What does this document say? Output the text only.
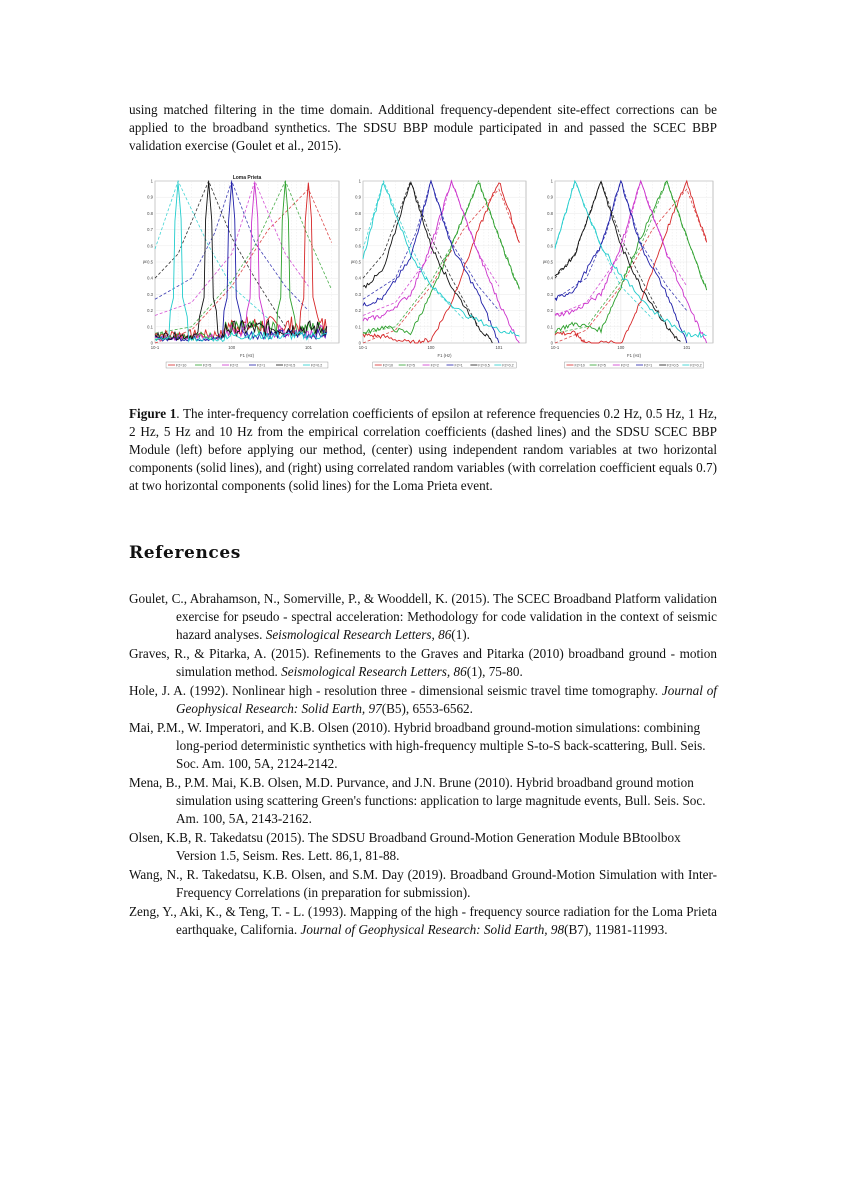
using matched filtering in the time domain. Additional frequency-dependent site-effect corrections can be applied to the broadband synthetics. The SDSU BBP module participated in and passed the SCEC BBP validation exercise (Goulet et al., 2015).
0
0.1
0.2
0.3
0.4
0.5
0.6
0.7
0.8
0.9
1
ρε
10-1	100	101
F1 (Hz)
Loma Prieta
F2=10	F2=5	F2=2	F2=1	F2=0.5	F2=0.2
0
0.1
0.2
0.3
0.4
0.5
0.6
0.7
0.8
0.9
1
ρε
10-1	100	101
F1 (Hz)
F2=10	F2=5	F2=2	F2=1	F2=0.5	F2=0.2
0
0.1
0.2
0.3
0.4
0.5
0.6
0.7
0.8
0.9
1
ρε
10-1	100	101
F1 (Hz)
F2=10	F2=5	F2=2	F2=1	F2=0.5	F2=0.2
Figure 1. The inter-frequency correlation coefficients of epsilon at reference frequencies 0.2 Hz, 0.5 Hz, 1 Hz, 2 Hz, 5 Hz and 10 Hz from the empirical correlation coefficients (dashed lines) and the SDSU SCEC BBP Module (left) before applying our method, (center) using independent random variables at two horizontal components (solid lines), and (right) using correlated random variables (with correlation coefficient equals 0.7) at two horizontal components (solid lines) for the Loma Prieta event.
References
Goulet, C., Abrahamson, N., Somerville, P., & Wooddell, K. (2015). The SCEC Broadband Platform validation exercise for pseudo - spectral acceleration: Methodology for code validation in the context of seismic hazard analyses. Seismological Research Letters, 86(1).
Graves, R., & Pitarka, A. (2015). Refinements to the Graves and Pitarka (2010) broadband ground - motion simulation method. Seismological Research Letters, 86(1), 75-80.
Hole, J. A. (1992). Nonlinear high - resolution three - dimensional seismic travel time tomography. Journal of Geophysical Research: Solid Earth, 97(B5), 6553-6562.
Mai, P.M., W. Imperatori, and K.B. Olsen (2010). Hybrid broadband ground-motion simulations: combining long-period deterministic synthetics with high-frequency multiple S-to-S back-scattering, Bull. Seis. Soc. Am. 100, 5A, 2124-2142.
Mena, B., P.M. Mai, K.B. Olsen, M.D. Purvance, and J.N. Brune (2010). Hybrid broadband ground motion simulation using scattering Green's functions: application to large magnitude events, Bull. Seis. Soc. Am. 100, 5A, 2143-2162.
Olsen, K.B, R. Takedatsu (2015). The SDSU Broadband Ground-Motion Generation Module BBtoolbox Version 1.5, Seism. Res. Lett. 86,1, 81-88.
Wang, N., R. Takedatsu, K.B. Olsen, and S.M. Day (2019). Broadband Ground-Motion Simulation with Inter-Frequency Correlations (in preparation for submission).
Zeng, Y., Aki, K., & Teng, T. - L. (1993). Mapping of the high - frequency source radiation for the Loma Prieta earthquake, California. Journal of Geophysical Research: Solid Earth, 98(B7), 11981-11993.
